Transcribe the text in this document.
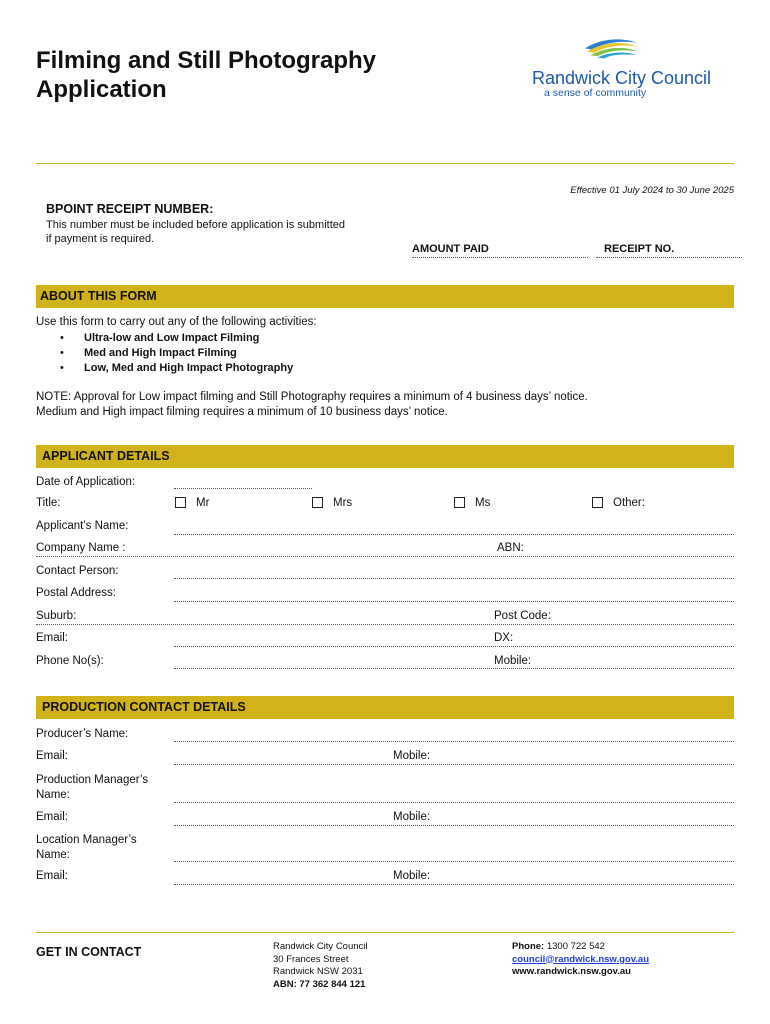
Filming and Still Photography
Application	Randwick City Council
a sense of community
Effective 01 July 2024 to 30 June 2025
BPOINT RECEIPT NUMBER:
This number must be included before application is submitted if payment is required.
AMOUNT PAID	RECEIPT NO.
ABOUT THIS FORM
Use this form to carry out any of the following activities:
• Ultra-low and Low Impact Filming
• Med and High Impact Filming
• Low, Med and High Impact Photography
NOTE: Approval for Low impact filming and Still Photography requires a minimum of 4 business days’ notice.
Medium and High impact filming requires a minimum of 10 business days’ notice.
APPLICANT DETAILS
Date of Application:
Title:	Mr	Mrs	Ms	Other:
Applicant’s Name:
Company Name :	ABN:
Contact Person:
Postal Address:
Suburb:	Post Code:
Email:	DX:
Phone No(s):	Mobile:
PRODUCTION CONTACT DETAILS
Producer’s Name:
Email:	Mobile:
Production Manager’s
Name:
Email:	Mobile:
Location Manager’s
Name:
Email:	Mobile:
GET IN CONTACT	Randwick City Council
30 Frances Street
Randwick NSW 2031
ABN: 77 362 844 121
Phone: 1300 722 542
council@randwick.nsw.gov.au
www.randwick.nsw.gov.au
